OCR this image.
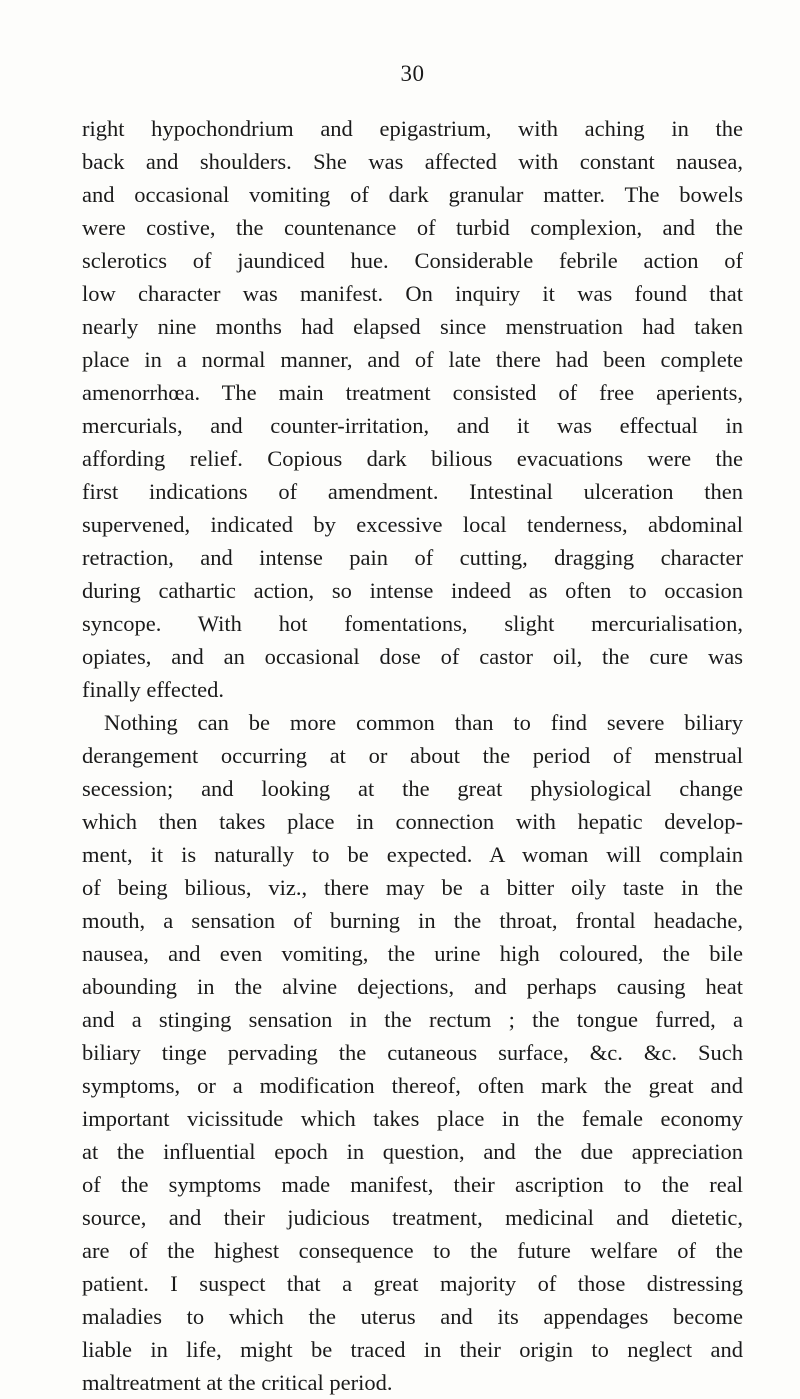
30
right hypochondrium and epigastrium, with aching in the
back and shoulders. She was affected with constant nausea,
and occasional vomiting of dark granular matter. The bowels
were costive, the countenance of turbid complexion, and the
sclerotics of jaundiced hue. Considerable febrile action of
low character was manifest. On inquiry it was found that
nearly nine months had elapsed since menstruation had taken
place in a normal manner, and of late there had been complete
amenorrhœa. The main treatment consisted of free aperients,
mercurials, and counter-irritation, and it was effectual in
affording relief. Copious dark bilious evacuations were the
first indications of amendment. Intestinal ulceration then
supervened, indicated by excessive local tenderness, abdominal
retraction, and intense pain of cutting, dragging character
during cathartic action, so intense indeed as often to occasion
syncope. With hot fomentations, slight mercurialisation,
opiates, and an occasional dose of castor oil, the cure was
finally effected.
Nothing can be more common than to find severe biliary
derangement occurring at or about the period of menstrual
secession; and looking at the great physiological change
which then takes place in connection with hepatic develop-
ment, it is naturally to be expected. A woman will complain
of being bilious, viz., there may be a bitter oily taste in the
mouth, a sensation of burning in the throat, frontal headache,
nausea, and even vomiting, the urine high coloured, the bile
abounding in the alvine dejections, and perhaps causing heat
and a stinging sensation in the rectum ; the tongue furred, a
biliary tinge pervading the cutaneous surface, &c. &c. Such
symptoms, or a modification thereof, often mark the great and
important vicissitude which takes place in the female economy
at the influential epoch in question, and the due appreciation
of the symptoms made manifest, their ascription to the real
source, and their judicious treatment, medicinal and dietetic,
are of the highest consequence to the future welfare of the
patient. I suspect that a great majority of those distressing
maladies to which the uterus and its appendages become
liable in life, might be traced in their origin to neglect and
maltreatment at the critical period.
